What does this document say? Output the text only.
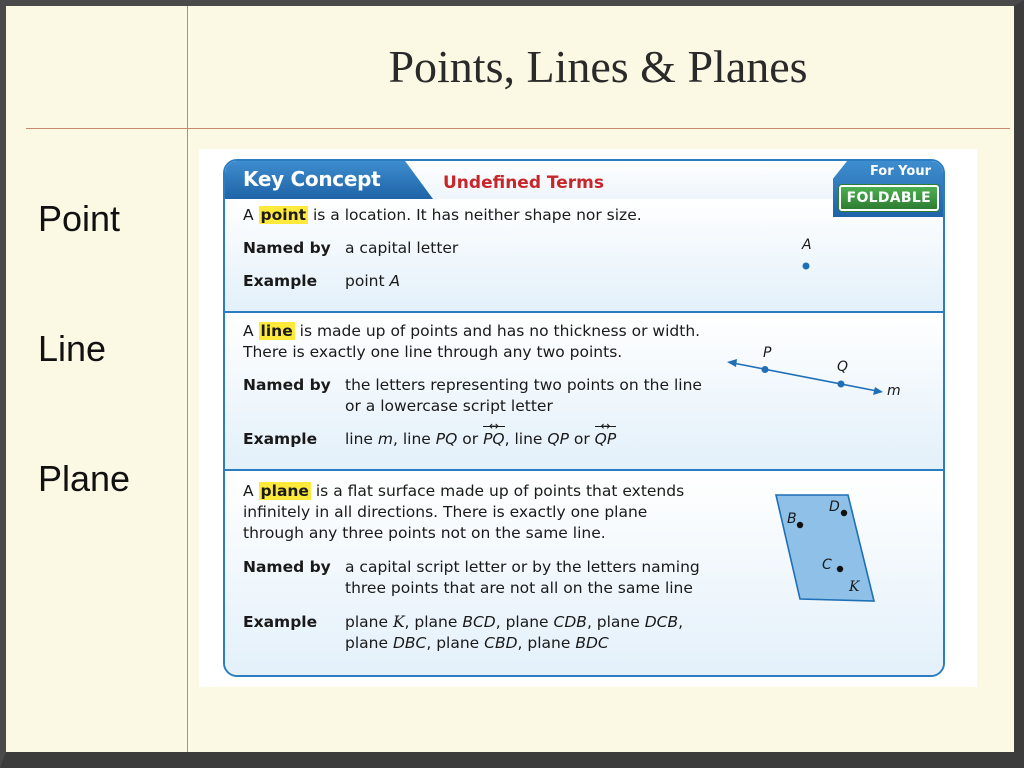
Points, Lines & Planes

Point

Line

Plane

Key Concept	Undefined Terms
A point is a location. It has neither shape nor size.
Named by a capital letter
Example point A
A
A line is made up of points and has no thickness or width.
There is exactly one line through any two points.
Named by the letters representing two points on the line
or a lowercase script letter
Example line m, line PQ or PQ ↔, line QP or QP ↔
P
Q
m
A plane is a flat surface made up of points that extends
infinitely in all directions. There is exactly one plane
through any three points not on the same line.
Named by a capital script letter or by the letters naming
three points that are not all on the same line
Example plane K, plane BCD, plane CDB, plane DCB,
plane DBC, plane CBD, plane BDC
B
D
C
K
For Your
FOLDABLE
